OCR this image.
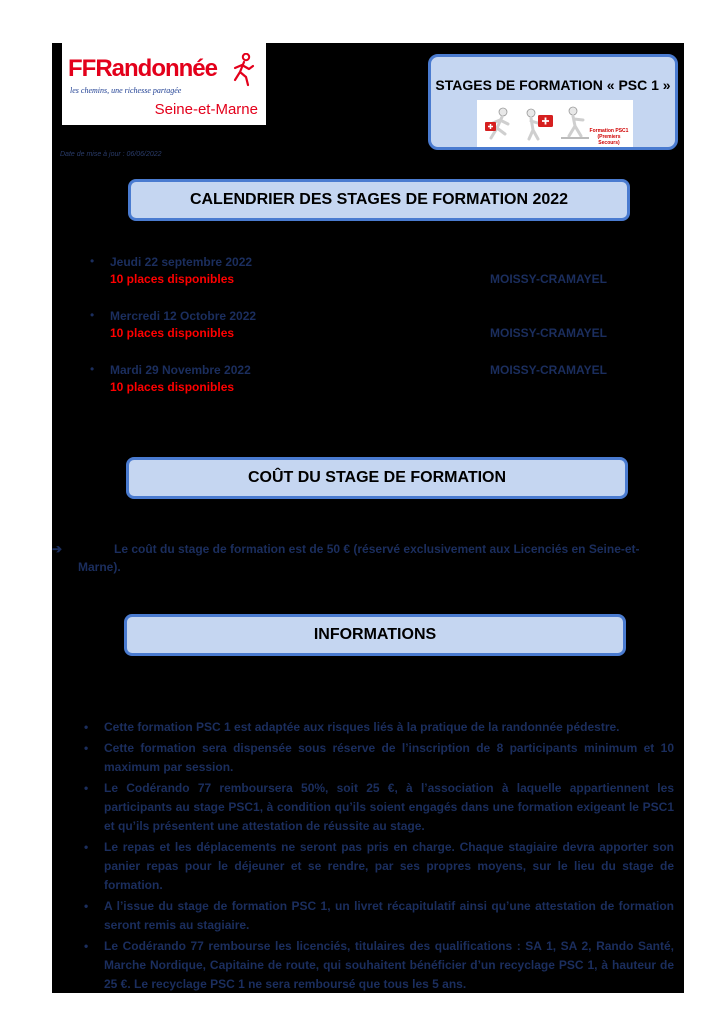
FFRandonnée
les chemins, une richesse partagée
Seine-et-Marne
STAGES DE FORMATION « PSC 1 »
Formation PSC1 (Premiers Secours)
Date de mise à jour : 06/06/2022
CALENDRIER DES STAGES DE FORMATION 2022
• Jeudi 22 septembre 2022
10 places disponibles	MOISSY-CRAMAYEL
• Mercredi 12 Octobre 2022
10 places disponibles	MOISSY-CRAMAYEL
• Mardi 29 Novembre 2022
10 places disponibles
MOISSY-CRAMAYEL
COÛT DU STAGE DE FORMATION
➔	Le coût du stage de formation est de 50 € (réservé exclusivement aux Licenciés en Seine-et-Marne).
INFORMATIONS
• Cette formation PSC 1 est adaptée aux risques liés à la pratique de la randonnée pédestre.
• Cette formation sera dispensée sous réserve de l’inscription de 8 participants minimum et 10 maximum par session.
• Le Codérando 77 remboursera 50%, soit 25 €, à l’association à laquelle appartiennent les participants au stage PSC1, à condition qu’ils soient engagés dans une formation exigeant le PSC1 et qu’ils présentent une attestation de réussite au stage.
• Le repas et les déplacements ne seront pas pris en charge. Chaque stagiaire devra apporter son panier repas pour le déjeuner et se rendre, par ses propres moyens, sur le lieu du stage de formation.
• A l’issue du stage de formation PSC 1, un livret récapitulatif ainsi qu’une attestation de formation seront remis au stagiaire.
• Le Codérando 77 rembourse les licenciés, titulaires des qualifications : SA 1, SA 2, Rando Santé, Marche Nordique, Capitaine de route, qui souhaitent bénéficier d’un recyclage PSC 1, à hauteur de 25 €. Le recyclage PSC 1 ne sera remboursé que tous les 5 ans.
